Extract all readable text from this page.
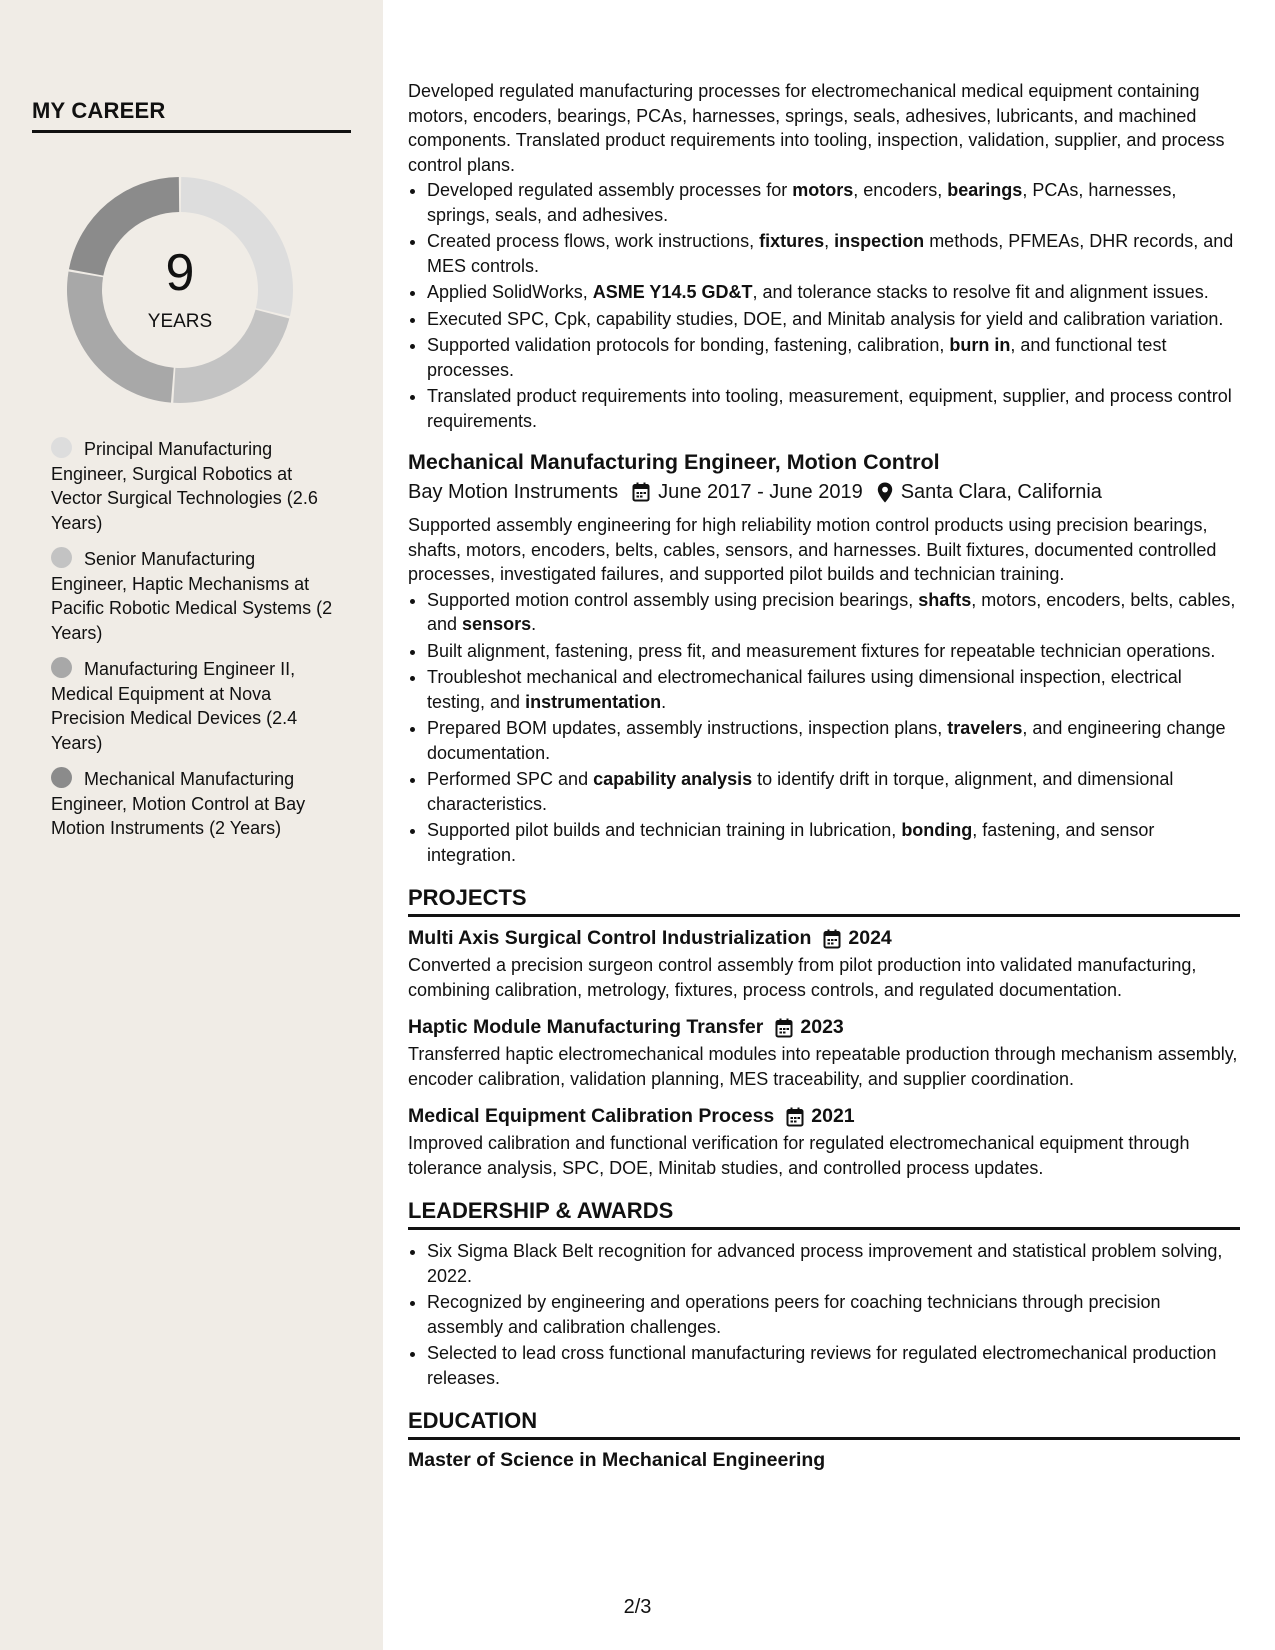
MY CAREER
9
YEARS
Principal Manufacturing Engineer, Surgical Robotics at Vector Surgical Technologies (2.6 Years)
Senior Manufacturing Engineer, Haptic Mechanisms at Pacific Robotic Medical Systems (2 Years)
Manufacturing Engineer II, Medical Equipment at Nova Precision Medical Devices (2.4 Years)
Mechanical Manufacturing Engineer, Motion Control at Bay Motion Instruments (2 Years)

Developed regulated manufacturing processes for electromechanical medical equipment containing motors, encoders, bearings, PCAs, harnesses, springs, seals, adhesives, lubricants, and machined components. Translated product requirements into tooling, inspection, validation, supplier, and process control plans.

• Developed regulated assembly processes for motors, encoders, bearings, PCAs, harnesses, springs, seals, and adhesives.
• Created process flows, work instructions, fixtures, inspection methods, PFMEAs, DHR records, and MES controls.
• Applied SolidWorks, ASME Y14.5 GD&T, and tolerance stacks to resolve fit and alignment issues.
• Executed SPC, Cpk, capability studies, DOE, and Minitab analysis for yield and calibration variation.
• Supported validation protocols for bonding, fastening, calibration, burn in, and functional test processes.
• Translated product requirements into tooling, measurement, equipment, supplier, and process control requirements.
Mechanical Manufacturing Engineer, Motion Control
Bay Motion Instruments June 2017 - June 2019 Santa Clara, California

Supported assembly engineering for high reliability motion control products using precision bearings, shafts, motors, encoders, belts, cables, sensors, and harnesses. Built fixtures, documented controlled processes, investigated failures, and supported pilot builds and technician training.

• Supported motion control assembly using precision bearings, shafts, motors, encoders, belts, cables, and sensors.
• Built alignment, fastening, press fit, and measurement fixtures for repeatable technician operations.
• Troubleshot mechanical and electromechanical failures using dimensional inspection, electrical testing, and instrumentation.
• Prepared BOM updates, assembly instructions, inspection plans, travelers, and engineering change documentation.
• Performed SPC and capability analysis to identify drift in torque, alignment, and dimensional characteristics.
• Supported pilot builds and technician training in lubrication, bonding, fastening, and sensor integration.
PROJECTS
Multi Axis Surgical Control Industrialization 2024

Converted a precision surgeon control assembly from pilot production into validated manufacturing, combining calibration, metrology, fixtures, process controls, and regulated documentation.

Haptic Module Manufacturing Transfer 2023

Transferred haptic electromechanical modules into repeatable production through mechanism assembly, encoder calibration, validation planning, MES traceability, and supplier coordination.

Medical Equipment Calibration Process 2021

Improved calibration and functional verification for regulated electromechanical equipment through tolerance analysis, SPC, DOE, Minitab studies, and controlled process updates.

LEADERSHIP & AWARDS
• Six Sigma Black Belt recognition for advanced process improvement and statistical problem solving, 2022.
• Recognized by engineering and operations peers for coaching technicians through precision assembly and calibration challenges.
• Selected to lead cross functional manufacturing reviews for regulated electromechanical production releases.
EDUCATION
Master of Science in Mechanical Engineering
2/3
